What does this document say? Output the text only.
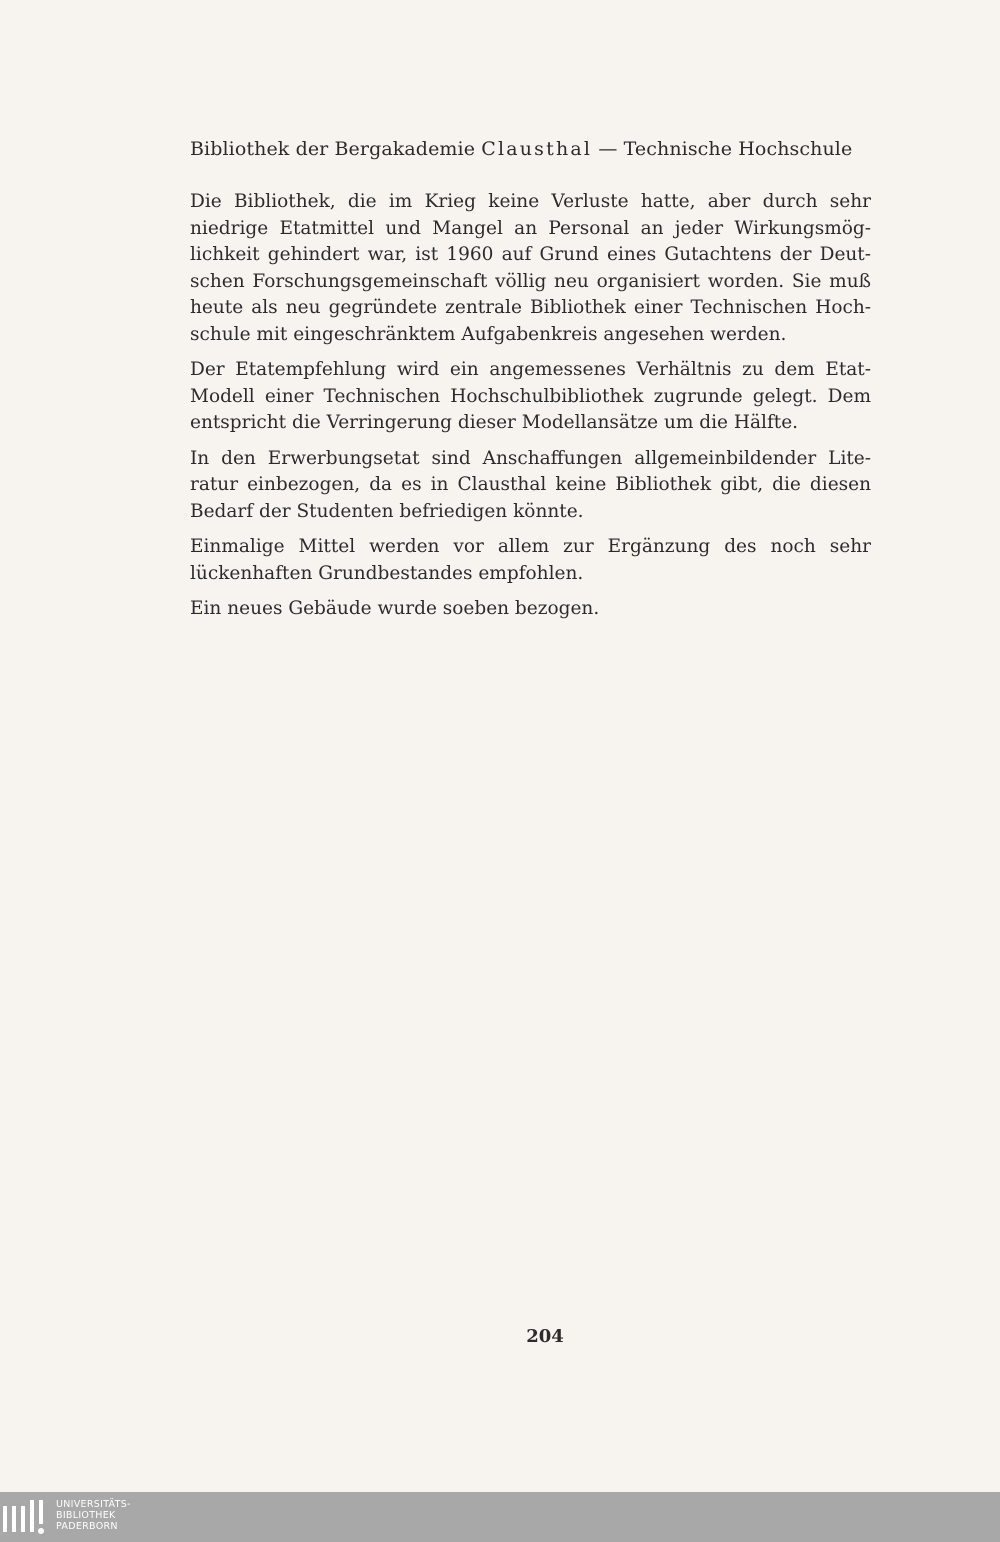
Bibliothek der Bergakademie Clausthal — Technische Hochschule

Die Bibliothek, die im Krieg keine Verluste hatte, aber durch sehr
niedrige Etatmittel und Mangel an Personal an jeder Wirkungsmög-
lichkeit gehindert war, ist 1960 auf Grund eines Gutachtens der Deut-
schen Forschungsgemeinschaft völlig neu organisiert worden. Sie muß
heute als neu gegründete zentrale Bibliothek einer Technischen Hoch-
schule mit eingeschränktem Aufgabenkreis angesehen werden.

Der Etatempfehlung wird ein angemessenes Verhältnis zu dem Etat-
Modell einer Technischen Hochschulbibliothek zugrunde gelegt. Dem
entspricht die Verringerung dieser Modellansätze um die Hälfte.

In den Erwerbungsetat sind Anschaffungen allgemeinbildender Lite-
ratur einbezogen, da es in Clausthal keine Bibliothek gibt, die diesen
Bedarf der Studenten befriedigen könnte.

Einmalige Mittel werden vor allem zur Ergänzung des noch sehr
lückenhaften Grundbestandes empfohlen.

Ein neues Gebäude wurde soeben bezogen.

204
UNIVERSITÄTS-
BIBLIOTHEK
PADERBORN
